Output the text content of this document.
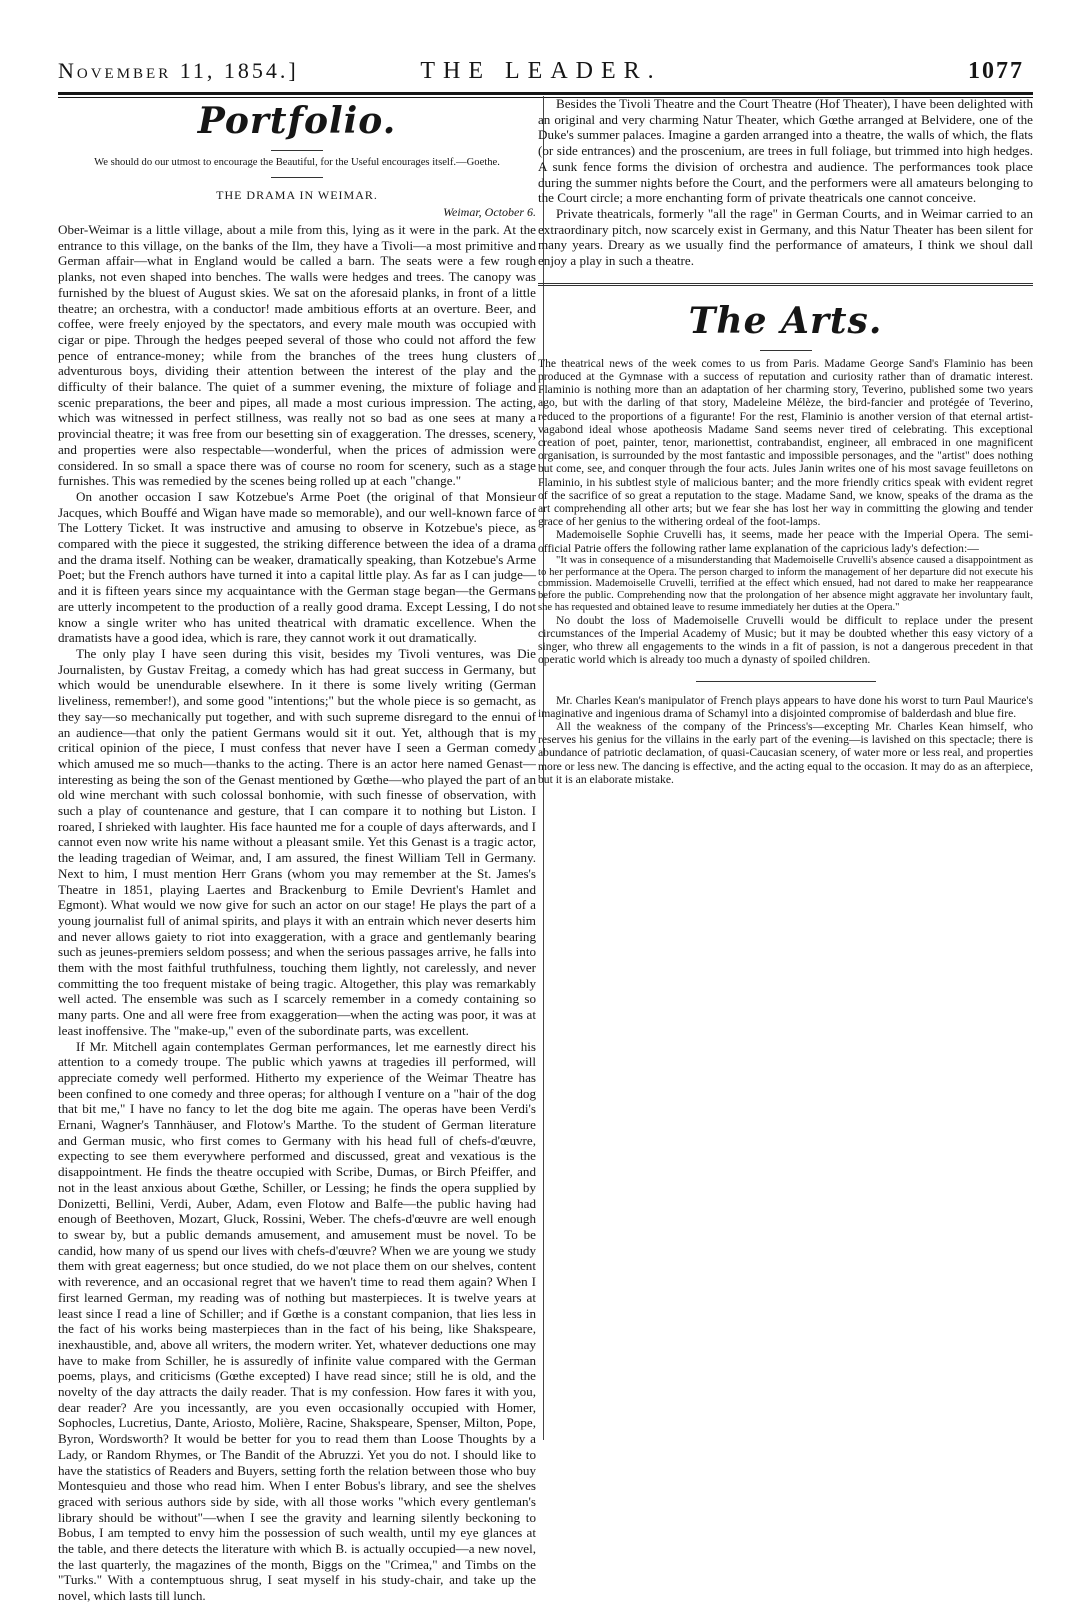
November 11, 1854.]	THE LEADER.	1077
Portfolio.
We should do our utmost to encourage the Beautiful, for the Useful encourages itself.—Goethe.
THE DRAMA IN WEIMAR.
Weimar, October 6.

Ober-Weimar is a little village, about a mile from this, lying as it were in the park. At the entrance to this village, on the banks of the Ilm, they have a Tivoli—a most primitive and German affair—what in England would be called a barn. The seats were a few rough planks, not even shaped into benches. The walls were hedges and trees. The canopy was furnished by the bluest of August skies. We sat on the aforesaid planks, in front of a little theatre; an orchestra, with a conductor! made ambitious efforts at an overture. Beer, and coffee, were freely enjoyed by the spectators, and every male mouth was occupied with cigar or pipe. Through the hedges peeped several of those who could not afford the few pence of entrance-money; while from the branches of the trees hung clusters of adventurous boys, dividing their attention between the interest of the play and the difficulty of their balance. The quiet of a summer evening, the mixture of foliage and scenic preparations, the beer and pipes, all made a most curious impression. The acting, which was witnessed in perfect stillness, was really not so bad as one sees at many a provincial theatre; it was free from our besetting sin of exaggeration. The dresses, scenery, and properties were also respectable—wonderful, when the prices of admission were considered. In so small a space there was of course no room for scenery, such as a stage furnishes. This was remedied by the scenes being rolled up at each "change."

On another occasion I saw Kotzebue's Arme Poet (the original of that Monsieur Jacques, which Bouffé and Wigan have made so memorable), and our well-known farce of The Lottery Ticket. It was instructive and amusing to observe in Kotzebue's piece, as compared with the piece it suggested, the striking difference between the idea of a drama and the drama itself. Nothing can be weaker, dramatically speaking, than Kotzebue's Arme Poet; but the French authors have turned it into a capital little play. As far as I can judge—and it is fifteen years since my acquaintance with the German stage began—the Germans are utterly incompetent to the production of a really good drama. Except Lessing, I do not know a single writer who has united theatrical with dramatic excellence. When the dramatists have a good idea, which is rare, they cannot work it out dramatically.

The only play I have seen during this visit, besides my Tivoli ventures, was Die Journalisten, by Gustav Freitag, a comedy which has had great success in Germany, but which would be unendurable elsewhere. In it there is some lively writing (German liveliness, remember!), and some good "intentions;" but the whole piece is so gemacht, as they say—so mechanically put together, and with such supreme disregard to the ennui of an audience—that only the patient Germans would sit it out. Yet, although that is my critical opinion of the piece, I must confess that never have I seen a German comedy which amused me so much—thanks to the acting. There is an actor here named Genast—interesting as being the son of the Genast mentioned by Gœthe—who played the part of an old wine merchant with such colossal bonhomie, with such finesse of observation, with such a play of countenance and gesture, that I can compare it to nothing but Liston. I roared, I shrieked with laughter. His face haunted me for a couple of days afterwards, and I cannot even now write his name without a pleasant smile. Yet this Genast is a tragic actor, the leading tragedian of Weimar, and, I am assured, the finest William Tell in Germany. Next to him, I must mention Herr Grans (whom you may remember at the St. James's Theatre in 1851, playing Laertes and Brackenburg to Emile Devrient's Hamlet and Egmont). What would we now give for such an actor on our stage! He plays the part of a young journalist full of animal spirits, and plays it with an entrain which never deserts him and never allows gaiety to riot into exaggeration, with a grace and gentlemanly bearing such as jeunes-premiers seldom possess; and when the serious passages arrive, he falls into them with the most faithful truthfulness, touching them lightly, not carelessly, and never committing the too frequent mistake of being tragic. Altogether, this play was remarkably well acted. The ensemble was such as I scarcely remember in a comedy containing so many parts. One and all were free from exaggeration—when the acting was poor, it was at least inoffensive. The "make-up," even of the subordinate parts, was excellent.

If Mr. Mitchell again contemplates German performances, let me earnestly direct his attention to a comedy troupe. The public which yawns at tragedies ill performed, will appreciate comedy well performed. Hitherto my experience of the Weimar Theatre has been confined to one comedy and three operas; for although I venture on a "hair of the dog that bit me," I have no fancy to let the dog bite me again. The operas have been Verdi's Ernani, Wagner's Tannhäuser, and Flotow's Marthe. To the student of German literature and German music, who first comes to Germany with his head full of chefs-d'œuvre, expecting to see them everywhere performed and discussed, great and vexatious is the disappointment. He finds the theatre occupied with Scribe, Dumas, or Birch Pfeiffer, and not in the least anxious about Gœthe, Schiller, or Lessing; he finds the opera supplied by Donizetti, Bellini, Verdi, Auber, Adam, even Flotow and Balfe—the public having had enough of Beethoven, Mozart, Gluck, Rossini, Weber. The chefs-d'œuvre are well enough to swear by, but a public demands amusement, and amusement must be novel. To be candid, how many of us spend our lives with chefs-d'œuvre? When we are young we study them with great eagerness; but once studied, do we not place them on our shelves, content with reverence, and an occasional regret that we haven't time to read them again? When I first learned German, my reading was of nothing but masterpieces. It is twelve years at least since I read a line of Schiller; and if Gœthe is a constant companion, that lies less in the fact of his works being masterpieces than in the fact of his being, like Shakspeare, inexhaustible, and, above all writers, the modern writer. Yet, whatever deductions one may have to make from Schiller, he is assuredly of infinite value compared with the German poems, plays, and criticisms (Gœthe excepted) I have read since; still he is old, and the novelty of the day attracts the daily reader. That is my confession. How fares it with you, dear reader? Are you incessantly, are you even occasionally occupied with Homer, Sophocles, Lucretius, Dante, Ariosto, Molière, Racine, Shakspeare, Spenser, Milton, Pope, Byron, Wordsworth? It would be better for you to read them than Loose Thoughts by a Lady, or Random Rhymes, or The Bandit of the Abruzzi. Yet you do not. I should like to have the statistics of Readers and Buyers, setting forth the relation between those who buy Montesquieu and those who read him. When I enter Bobus's library, and see the shelves graced with serious authors side by side, with all those works "which every gentleman's library should be without"—when I see the gravity and learning silently beckoning to Bobus, I am tempted to envy him the possession of such wealth, until my eye glances at the table, and there detects the literature with which B. is actually occupied—a new novel, the last quarterly, the magazines of the month, Biggs on the "Crimea," and Timbs on the "Turks." With a contemptuous shrug, I seat myself in his study-chair, and take up the novel, which lasts till lunch.

Besides the Tivoli Theatre and the Court Theatre (Hof Theater), I have been delighted with an original and very charming Natur Theater, which Gœthe arranged at Belvidere, one of the Duke's summer palaces. Imagine a garden arranged into a theatre, the walls of which, the flats (or side entrances) and the proscenium, are trees in full foliage, but trimmed into high hedges. A sunk fence forms the division of orchestra and audience. The performances took place during the summer nights before the Court, and the performers were all amateurs belonging to the Court circle; a more enchanting form of private theatricals one cannot conceive.

Private theatricals, formerly "all the rage" in German Courts, and in Weimar carried to an extraordinary pitch, now scarcely exist in Germany, and this Natur Theater has been silent for many years. Dreary as we usually find the performance of amateurs, I think we shoul dall enjoy a play in such a theatre.

The Arts.

The theatrical news of the week comes to us from Paris. Madame George Sand's Flaminio has been produced at the Gymnase with a success of reputation and curiosity rather than of dramatic interest. Flaminio is nothing more than an adaptation of her charming story, Teverino, published some two years ago, but with the darling of that story, Madeleine Mélèze, the bird-fancier and protégée of Teverino, reduced to the proportions of a figurante! For the rest, Flaminio is another version of that eternal artist-vagabond ideal whose apotheosis Madame Sand seems never tired of celebrating. This exceptional creation of poet, painter, tenor, marionettist, contrabandist, engineer, all embraced in one magnificent organisation, is surrounded by the most fantastic and impossible personages, and the "artist" does nothing but come, see, and conquer through the four acts. Jules Janin writes one of his most savage feuilletons on Flaminio, in his subtlest style of malicious banter; and the more friendly critics speak with evident regret of the sacrifice of so great a reputation to the stage. Madame Sand, we know, speaks of the drama as the art comprehending all other arts; but we fear she has lost her way in committing the glowing and tender grace of her genius to the withering ordeal of the foot-lamps.

Mademoiselle Sophie Cruvelli has, it seems, made her peace with the Imperial Opera. The semi-official Patrie offers the following rather lame explanation of the capricious lady's defection:—

"It was in consequence of a misunderstanding that Mademoiselle Cruvelli's absence caused a disappointment as to her performance at the Opera. The person charged to inform the management of her departure did not execute his commission. Mademoiselle Cruvelli, terrified at the effect which ensued, had not dared to make her reappearance before the public. Comprehending now that the prolongation of her absence might aggravate her involuntary fault, she has requested and obtained leave to resume immediately her duties at the Opera."

No doubt the loss of Mademoiselle Cruvelli would be difficult to replace under the present circumstances of the Imperial Academy of Music; but it may be doubted whether this easy victory of a singer, who threw all engagements to the winds in a fit of passion, is not a dangerous precedent in that operatic world which is already too much a dynasty of spoiled children.

Mr. Charles Kean's manipulator of French plays appears to have done his worst to turn Paul Maurice's imaginative and ingenious drama of Schamyl into a disjointed compromise of balderdash and blue fire.

All the weakness of the company of the Princess's—excepting Mr. Charles Kean himself, who reserves his genius for the villains in the early part of the evening—is lavished on this spectacle; there is abundance of patriotic declamation, of quasi-Caucasian scenery, of water more or less real, and properties more or less new. The dancing is effective, and the acting equal to the occasion. It may do as an afterpiece, but it is an elaborate mistake.
